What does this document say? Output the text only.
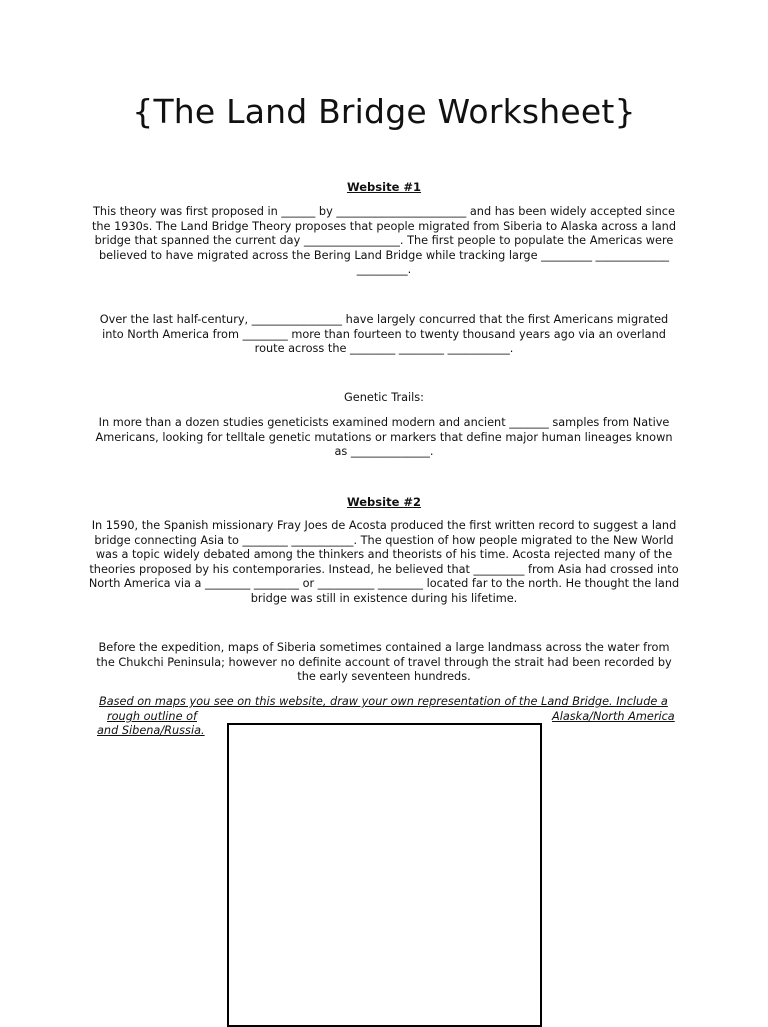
{The Land Bridge Worksheet}
Website #1
This theory was first proposed in ______ by _______________________ and has been widely accepted since the 1930s. The Land Bridge Theory proposes that people migrated from Siberia to Alaska across a land bridge that spanned the current day _________________. The first people to populate the Americas were believed to have migrated across the Bering Land Bridge while tracking large _________ _____________ _________.
Over the last half-century, ________________ have largely concurred that the first Americans migrated into North America from ________ more than fourteen to twenty thousand years ago via an overland route across the ________ ________ ___________.
Genetic Trails:
In more than a dozen studies geneticists examined modern and ancient _______ samples from Native Americans, looking for telltale genetic mutations or markers that define major human lineages known as ______________.
Website #2
In 1590, the Spanish missionary Fray Joes de Acosta produced the first written record to suggest a land bridge connecting Asia to ________ ___________. The question of how people migrated to the New World was a topic widely debated among the thinkers and theorists of his time. Acosta rejected many of the theories proposed by his contemporaries. Instead, he believed that _________ from Asia had crossed into North America via a ________ ________ or __________ ________ located far to the north. He thought the land bridge was still in existence during his lifetime.
Before the expedition, maps of Siberia sometimes contained a large landmass across the water from the Chukchi Peninsula; however no definite account of travel through the strait had been recorded by the early seventeen hundreds.
Based on maps you see on this website, draw your own representation of the Land Bridge. Include a
rough outline of	Alaska/North America
and Sibena/Russia.
